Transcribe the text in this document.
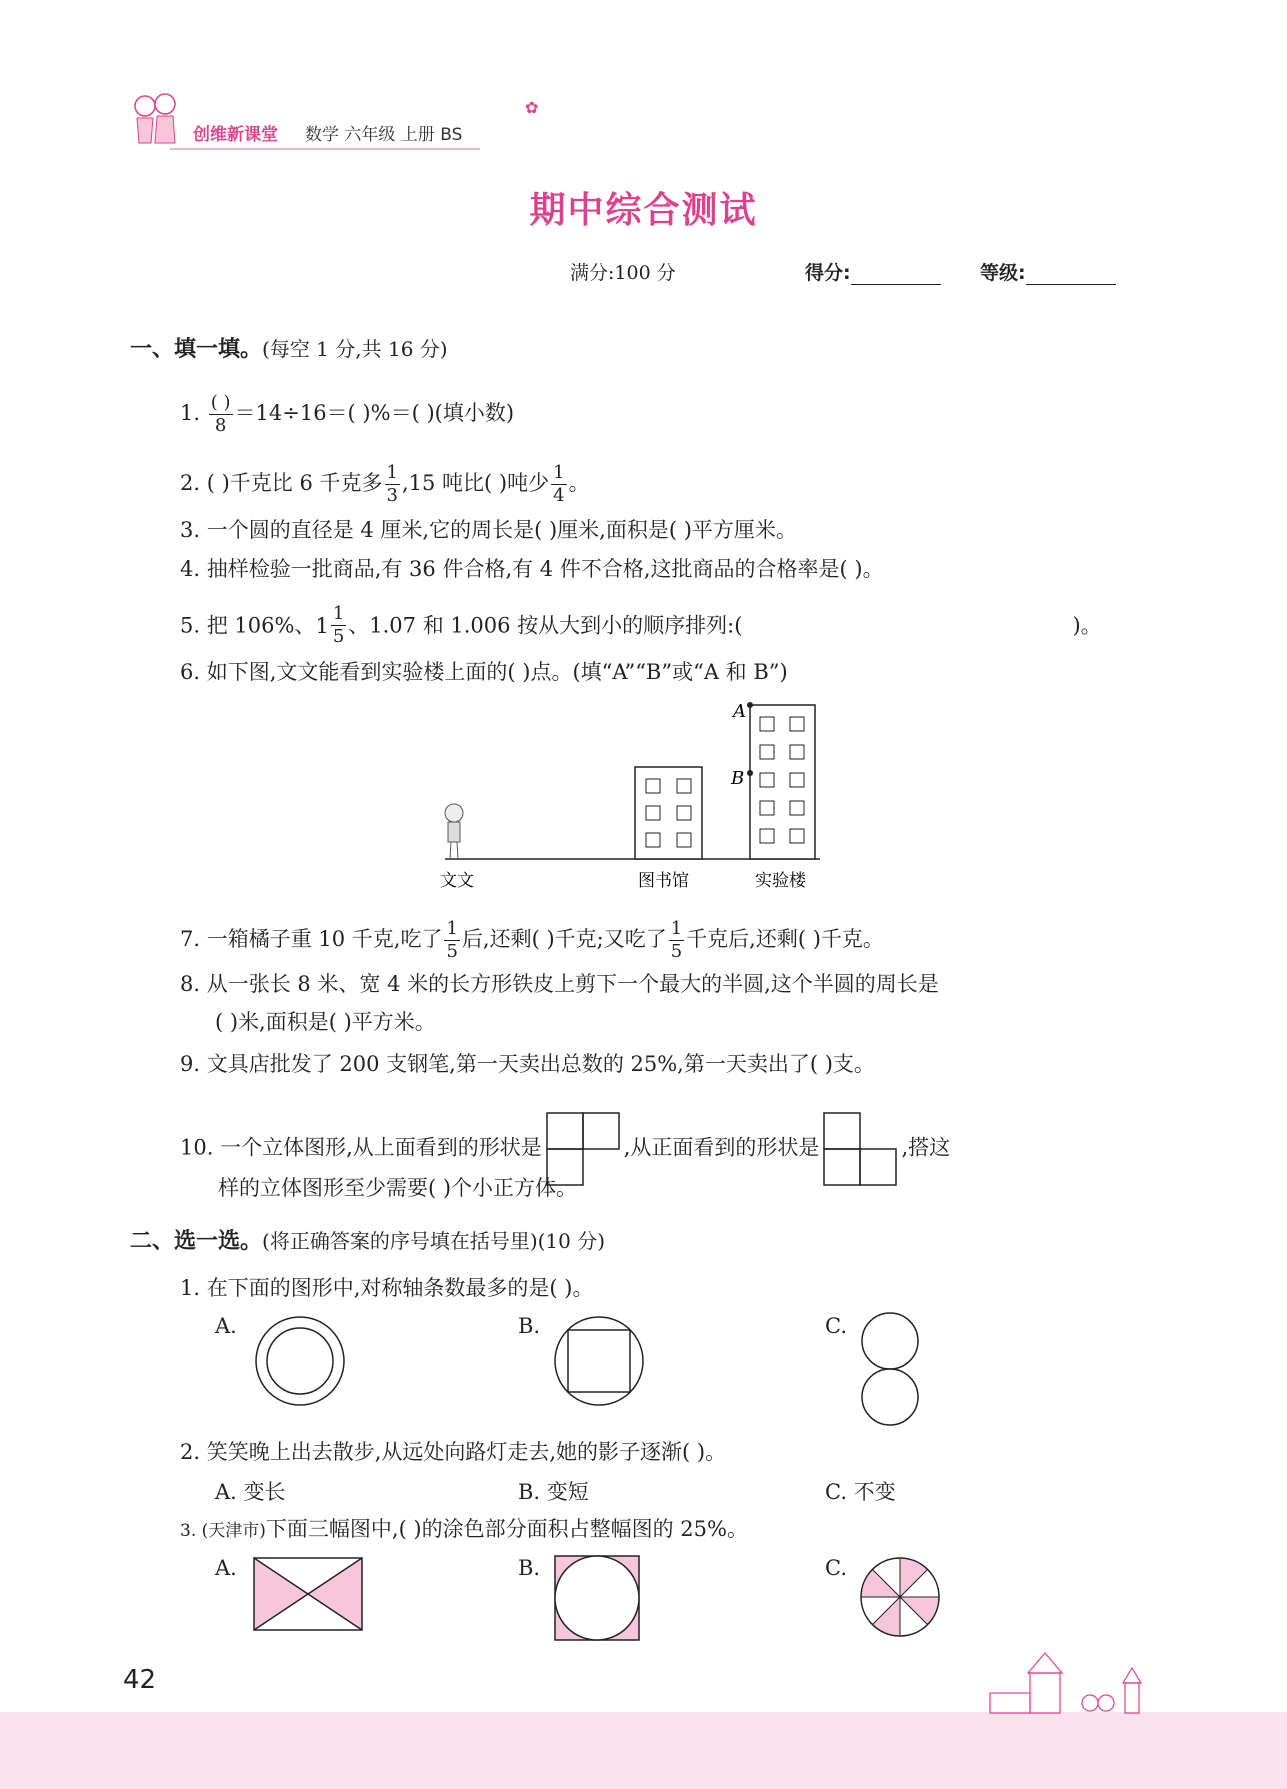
创维新课堂 数学 六年级 上册 BS
✿
期中综合测试
满分:100 分	得分:	等级:
一、填一填。(每空 1 分,共 16 分)
1. $\frac{( )}{8} =14\div 16=$( )%＝( )(填小数)
2. ( )千克比 6 千克多 $\frac{1}{3} ,15$ 吨比( )吨少 $\frac{1}{4}$ 。
3. 一个圆的直径是 4 厘米,它的周长是( )厘米,面积是( )平方厘米。
4. 抽样检验一批商品,有 36 件合格,有 4 件不合格,这批商品的合格率是( )。
5. 把 106%、 $1 \frac{1}{5}$ 、1.07 和 1.006 按从大到小的顺序排列:(	)。
6. 如下图,文文能看到实验楼上面的( )点。(填“A”“B”或“A 和 B”)
A
B
文文	图书馆	实验楼
7. 一箱橘子重 10 千克,吃了 $\frac{1}{5}$ 后,还剩( )千克;又吃了 $\frac{1}{5}$ 千克后,还剩( )千克。
8. 从一张长 8 米、宽 4 米的长方形铁皮上剪下一个最大的半圆,这个半圆的周长是
( )米,面积是( )平方米。
9. 文具店批发了 200 支钢笔,第一天卖出总数的 25%,第一天卖出了( )支。
10. 一个立体图形,从上面看到的形状是	,从正面看到的形状是	,搭这
样的立体图形至少需要( )个小正方体。
二、选一选。(将正确答案的序号填在括号里)(10 分)
1. 在下面的图形中,对称轴条数最多的是( )。
A.	B.	C.
2. 笑笑晚上出去散步,从远处向路灯走去,她的影子逐渐( )。
A. 变长	B. 变短	C. 不变
3. (天津市)下面三幅图中,( )的涂色部分面积占整幅图的 25%。
A.	B.	C.
42
